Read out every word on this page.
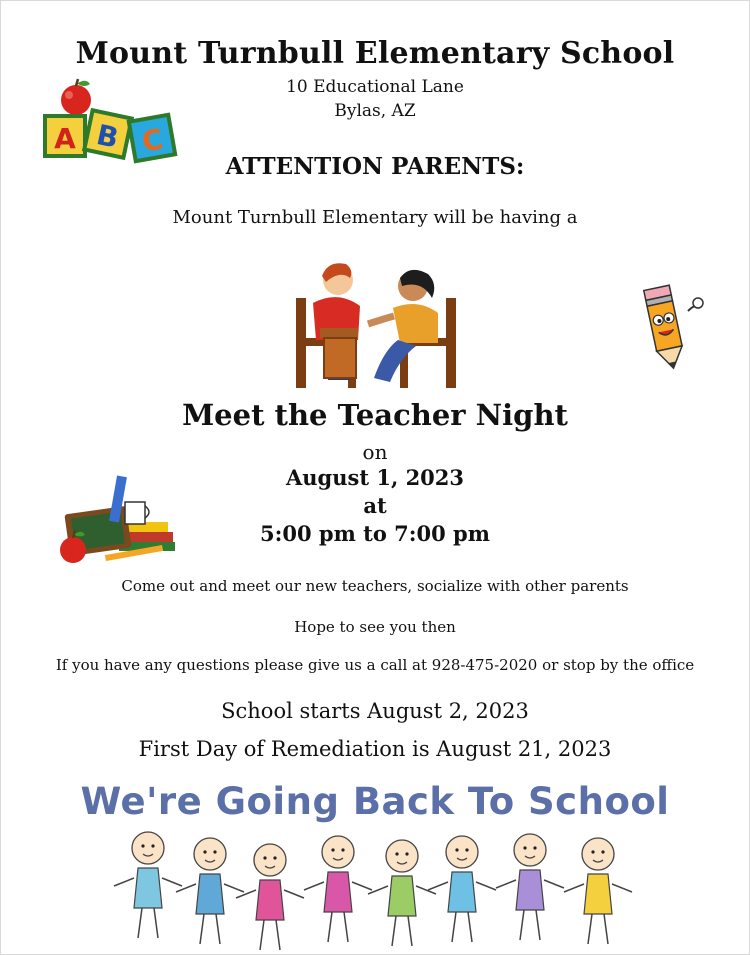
Mount Turnbull Elementary School
10 Educational Lane
Bylas, AZ
ATTENTION PARENTS:
Mount Turnbull Elementary will be having a
Meet the Teacher Night
on
August 1, 2023
at
5:00 pm to 7:00 pm
Come out and meet our new teachers, socialize with other parents
Hope to see you then
If you have any questions please give us a call at 928-475-2020 or stop by the office
School starts August 2, 2023
First Day of Remediation is August 21, 2023
We're Going Back To School
A B C
